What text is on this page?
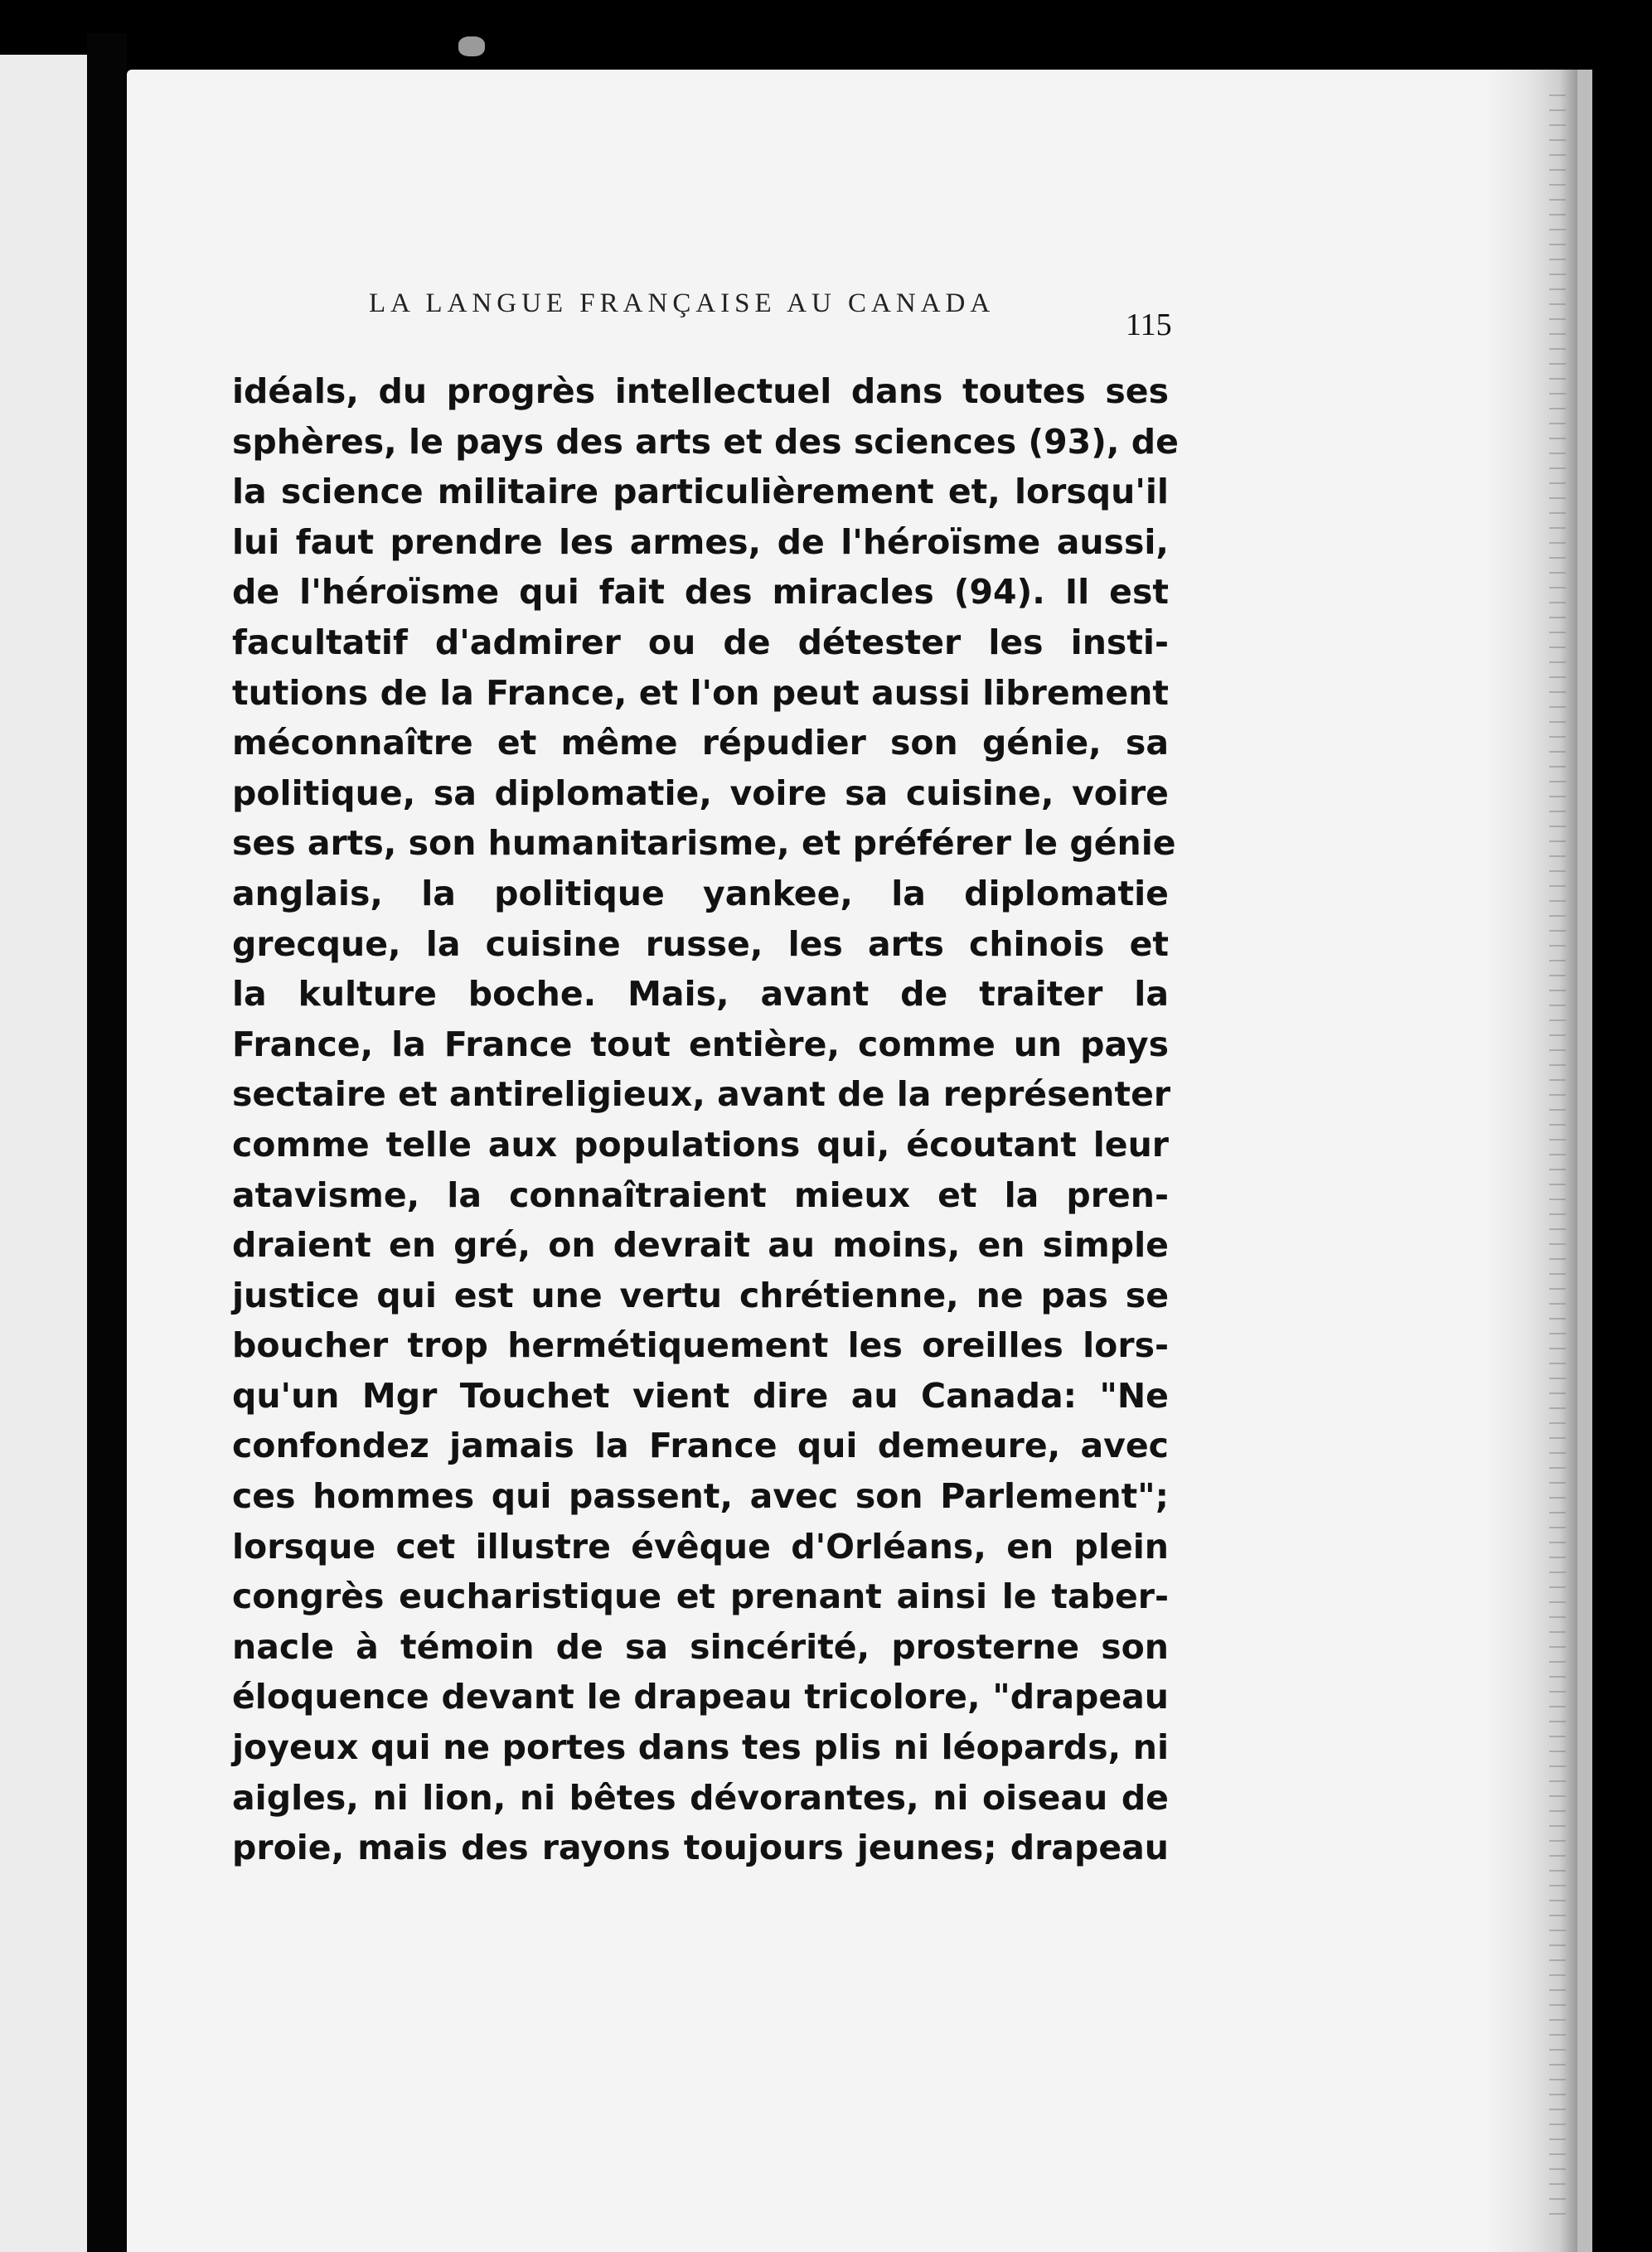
LA LANGUE FRANÇAISE AU CANADA
115
idéals, du progrès intellectuel dans toutes ses
sphères, le pays des arts et des sciences (93), de
la science militaire particulièrement et, lorsqu'il
lui faut prendre les armes, de l'héroïsme aussi,
de l'héroïsme qui fait des miracles (94). Il est
facultatif d'admirer ou de détester les insti-
tutions de la France, et l'on peut aussi librement
méconnaître et même répudier son génie, sa
politique, sa diplomatie, voire sa cuisine, voire
ses arts, son humanitarisme, et préférer le génie
anglais, la politique yankee, la diplomatie
grecque, la cuisine russe, les arts chinois et
la kulture boche. Mais, avant de traiter la
France, la France tout entière, comme un pays
sectaire et antireligieux, avant de la représenter
comme telle aux populations qui, écoutant leur
atavisme, la connaîtraient mieux et la pren-
draient en gré, on devrait au moins, en simple
justice qui est une vertu chrétienne, ne pas se
boucher trop hermétiquement les oreilles lors-
qu'un Mgr Touchet vient dire au Canada: "Ne
confondez jamais la France qui demeure, avec
ces hommes qui passent, avec son Parlement";
lorsque cet illustre évêque d'Orléans, en plein
congrès eucharistique et prenant ainsi le taber-
nacle à témoin de sa sincérité, prosterne son
éloquence devant le drapeau tricolore, "drapeau
joyeux qui ne portes dans tes plis ni léopards, ni
aigles, ni lion, ni bêtes dévorantes, ni oiseau de
proie, mais des rayons toujours jeunes; drapeau
